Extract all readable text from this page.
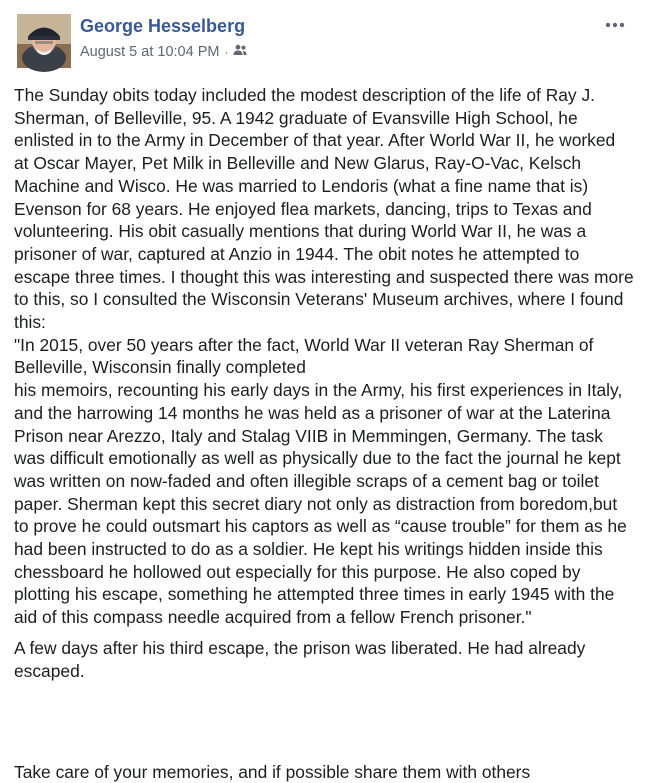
George Hesselberg
August 5 at 10:04 PM ·

The Sunday obits today included the modest description of the life of Ray J. Sherman, of Belleville, 95. A 1942 graduate of Evansville High School, he enlisted in to the Army in December of that year. After World War II, he worked at Oscar Mayer, Pet Milk in Belleville and New Glarus, Ray-O-Vac, Kelsch Machine and Wisco. He was married to Lendoris (what a fine name that is) Evenson for 68 years. He enjoyed flea markets, dancing, trips to Texas and volunteering. His obit casually mentions that during World War II, he was a prisoner of war, captured at Anzio in 1944. The obit notes he attempted to escape three times. I thought this was interesting and suspected there was more to this, so I consulted the Wisconsin Veterans' Museum archives, where I found this:
"In 2015, over 50 years after the fact, World War II veteran Ray Sherman of Belleville, Wisconsin finally completed
his memoirs, recounting his early days in the Army, his first experiences in Italy, and the harrowing 14 months he was held as a prisoner of war at the Laterina Prison near Arezzo, Italy and Stalag VIIB in Memmingen, Germany. The task was difficult emotionally as well as physically due to the fact the journal he kept was written on now-faded and often illegible scraps of a cement bag or toilet paper. Sherman kept this secret diary not only as distraction from boredom,but to prove he could outsmart his captors as well as “cause trouble” for them as he had been instructed to do as a soldier. He kept his writings hidden inside this chessboard he hollowed out especially for this purpose. He also coped by plotting his escape, something he attempted three times in early 1945 with the aid of this compass needle acquired from a fellow French prisoner."

A few days after his third escape, the prison was liberated. He had already escaped.

Take care of your memories, and if possible share them with others
